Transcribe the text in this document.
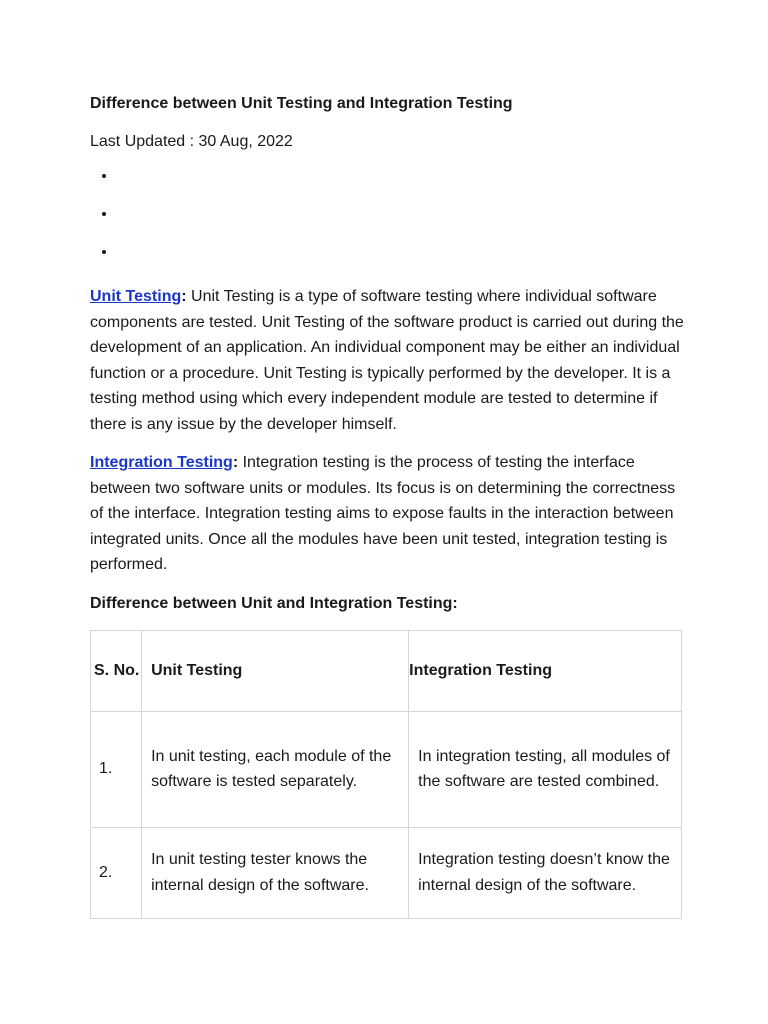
Difference between Unit Testing and Integration Testing

Last Updated : 30 Aug, 2022
•
•
•

Unit Testing: Unit Testing is a type of software testing where individual software components are tested. Unit Testing of the software product is carried out during the development of an application. An individual component may be either an individual function or a procedure. Unit Testing is typically performed by the developer. It is a testing method using which every independent module are tested to determine if there is any issue by the developer himself.

Integration Testing: Integration testing is the process of testing the interface between two software units or modules. Its focus is on determining the correctness of the interface. Integration testing aims to expose faults in the interaction between integrated units. Once all the modules have been unit tested, integration testing is performed.

Difference between Unit and Integration Testing:

S. No.	Unit Testing	Integration Testing
1.	In unit testing, each module of the software is tested separately.	In integration testing, all modules of the software are tested combined.
2.	In unit testing tester knows the internal design of the software.	Integration testing doesn’t know the internal design of the software.
